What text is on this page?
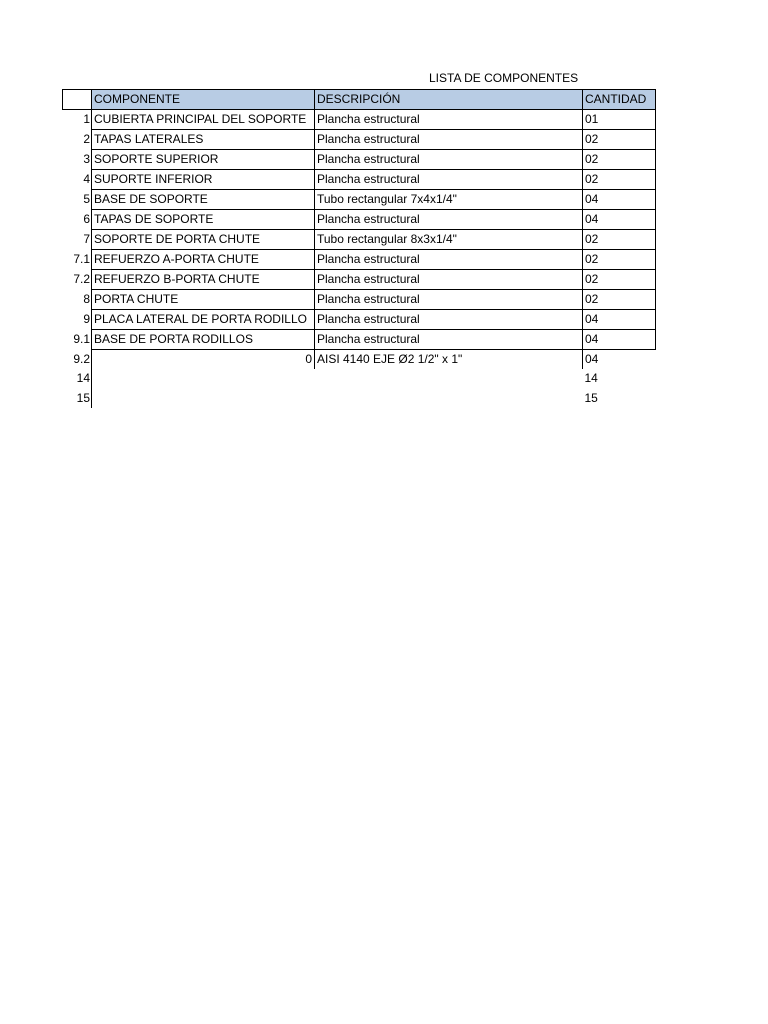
LISTA DE COMPONENTES
	COMPONENTE	DESCRIPCIÓN	CANTIDAD
1	CUBIERTA PRINCIPAL DEL SOPORTE	Plancha estructural	01
2	TAPAS LATERALES	Plancha estructural	02
3	SOPORTE SUPERIOR	Plancha estructural	02
4	SUPORTE INFERIOR	Plancha estructural	02
5	BASE DE SOPORTE	Tubo rectangular 7x4x1/4"	04
6	TAPAS DE SOPORTE	Plancha estructural	04
7	SOPORTE DE PORTA CHUTE	Tubo rectangular 8x3x1/4"	02
7.1	REFUERZO A-PORTA CHUTE	Plancha estructural	02
7.2	REFUERZO B-PORTA CHUTE	Plancha estructural	02
8	PORTA CHUTE	Plancha estructural	02
9	PLACA LATERAL DE PORTA RODILLO	Plancha estructural	04
9.1	BASE DE PORTA RODILLOS	Plancha estructural	04
9.2	0	AISI 4140 EJE Ø2 1/2" x 1"	04
14			14
15			15
